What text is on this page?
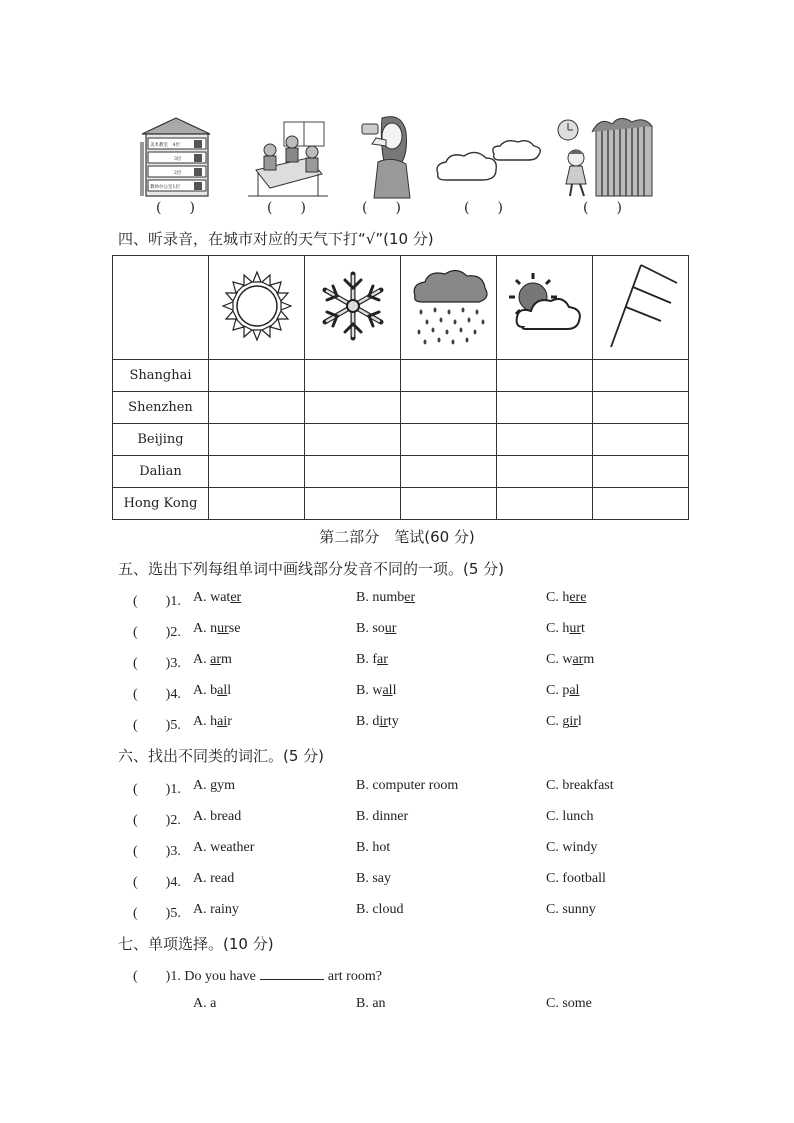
美术教室　4层
3层
2层
教师办公室1层
(　　)	(　　)	(　　)	(　　)	(　　)
四、听录音，在城市对应的天气下打“√”(10 分)

Shanghai					
Shenzhen					
Beijing					
Dalian					
Hong Kong					
第二部分　笔试(60 分)
五、选出下列每组单词中画线部分发音不同的一项。(5 分)
(　　 )1. A. water	B. number	C. here
(　　 )2. A. nurse	B. sour	C. hurt
(　　 )3. A. arm	B. far	C. warm
(　　 )4. A. ball	B. wall	C. pal
(　　 )5. A. hair	B. dirty	C. girl
六、找出不同类的词汇。(5 分)
(　　 )1. A. gym	B. computer room	C. breakfast
(　　 )2. A. bread	B. dinner	C. lunch
(　　 )3. A. weather	B. hot	C. windy
(　　 )4. A. read	B. say	C. football
(　　 )5. A. rainy	B. cloud	C. sunny
七、单项选择。(10 分)
(　　 )1. Do you have	art room?
A. a	B. an	C. some
